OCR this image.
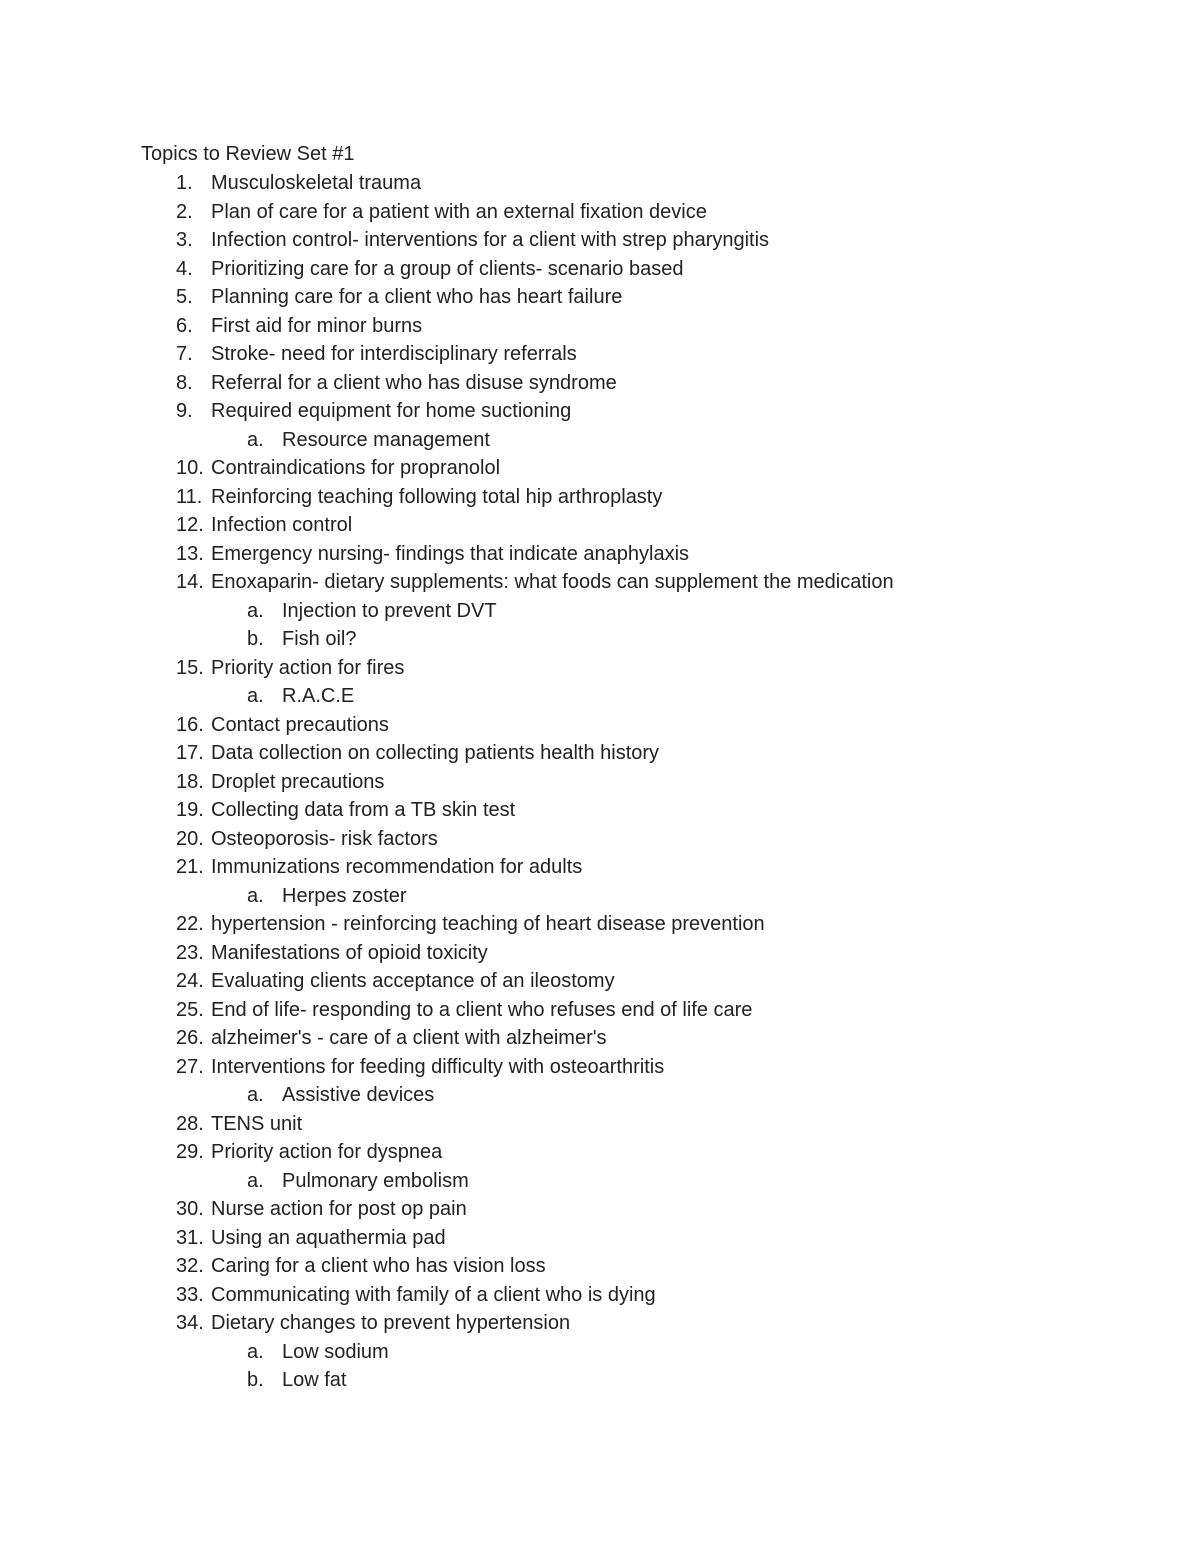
Topics to Review Set #1
1. Musculoskeletal trauma
2. Plan of care for a patient with an external fixation device
3. Infection control- interventions for a client with strep pharyngitis
4. Prioritizing care for a group of clients- scenario based
5. Planning care for a client who has heart failure
6. First aid for minor burns
7. Stroke- need for interdisciplinary referrals
8. Referral for a client who has disuse syndrome
9. Required equipment for home suctioning
a. Resource management
10. Contraindications for propranolol
11. Reinforcing teaching following total hip arthroplasty
12. Infection control
13. Emergency nursing- findings that indicate anaphylaxis
14. Enoxaparin- dietary supplements: what foods can supplement the medication
a. Injection to prevent DVT
b. Fish oil?
15. Priority action for fires
a. R.A.C.E
16. Contact precautions
17. Data collection on collecting patients health history
18. Droplet precautions
19. Collecting data from a TB skin test
20. Osteoporosis- risk factors
21. Immunizations recommendation for adults
a. Herpes zoster
22. hypertension - reinforcing teaching of heart disease prevention
23. Manifestations of opioid toxicity
24. Evaluating clients acceptance of an ileostomy
25. End of life- responding to a client who refuses end of life care
26. alzheimer's - care of a client with alzheimer's
27. Interventions for feeding difficulty with osteoarthritis
a. Assistive devices
28. TENS unit
29. Priority action for dyspnea
a. Pulmonary embolism
30. Nurse action for post op pain
31. Using an aquathermia pad
32. Caring for a client who has vision loss
33. Communicating with family of a client who is dying
34. Dietary changes to prevent hypertension
a. Low sodium
b. Low fat
